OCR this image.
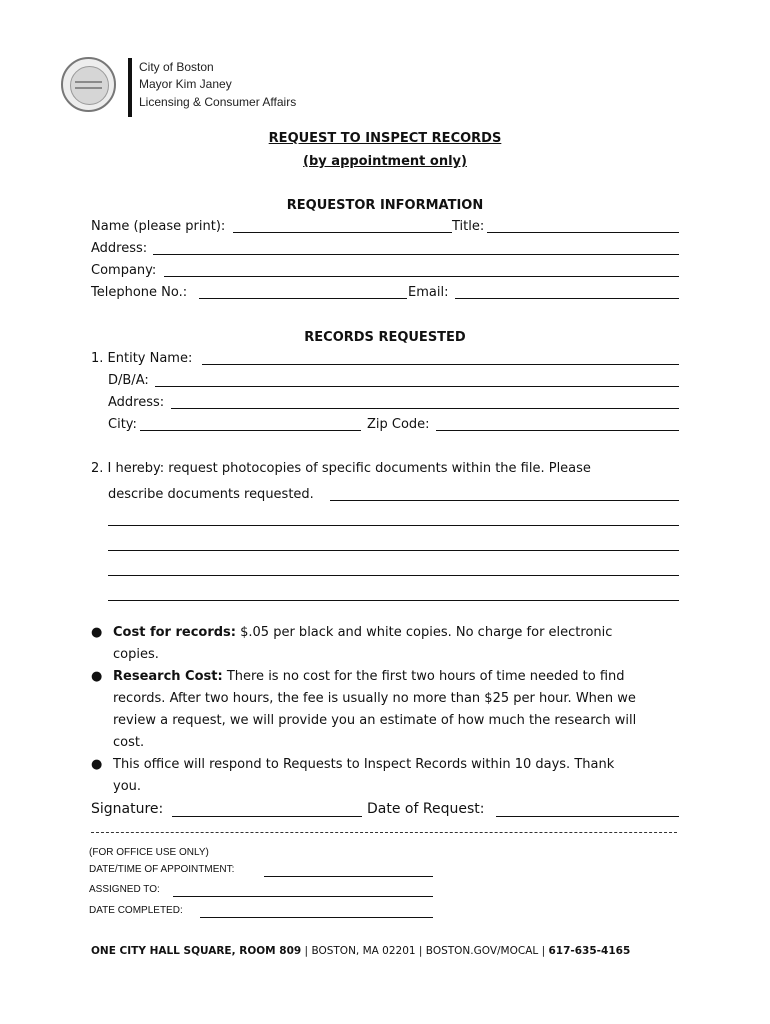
City of Boston
Mayor Kim Janey
Licensing & Consumer Affairs
REQUEST TO INSPECT RECORDS
(by appointment only)
REQUESTOR INFORMATION
Name (please print):	Title:
Address:
Company:
Telephone No.:	Email:
RECORDS REQUESTED
1. Entity Name:
D/B/A:
Address:
City:	Zip Code:
2. I hereby: request photocopies of specific documents within the file. Please
describe documents requested.
● Cost for records: $.05 per black and white copies. No charge for electronic
copies.
● Research Cost: There is no cost for the first two hours of time needed to find
records. After two hours, the fee is usually no more than $25 per hour. When we
review a request, we will provide you an estimate of how much the research will
cost.
● This office will respond to Requests to Inspect Records within 10 days. Thank
you.
Signature:	Date of Request:
(FOR OFFICE USE ONLY)
DATE/TIME OF APPOINTMENT:
ASSIGNED TO:
DATE COMPLETED:
ONE CITY HALL SQUARE, ROOM 809 | BOSTON, MA 02201 | BOSTON.GOV/MOCAL | 617-635-4165
